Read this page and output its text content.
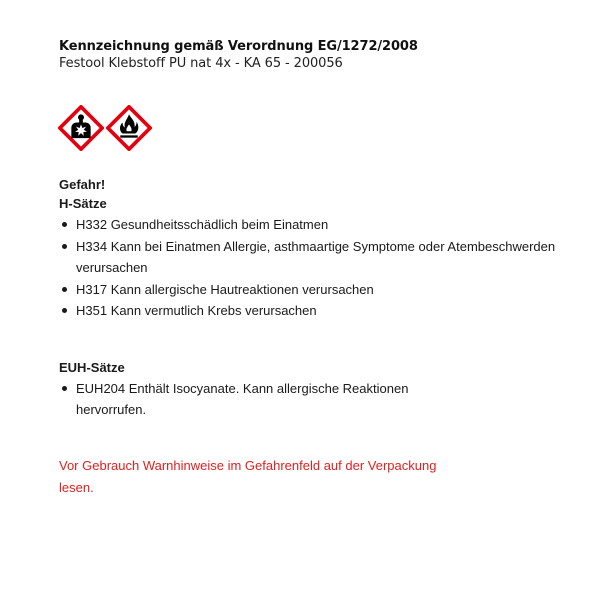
Kennzeichnung gemäß Verordnung EG/1272/2008
Festool Klebstoff PU nat 4x - KA 65 - 200056
Gefahr!
H-Sätze
H332 Gesundheitsschädlich beim Einatmen
H334 Kann bei Einatmen Allergie, asthmaartige Symptome oder Atembeschwerden verursachen
H317 Kann allergische Hautreaktionen verursachen
H351 Kann vermutlich Krebs verursachen
EUH-Sätze
EUH204 Enthält Isocyanate. Kann allergische Reaktionen hervorrufen.
Vor Gebrauch Warnhinweise im Gefahrenfeld auf der Verpackung lesen.
